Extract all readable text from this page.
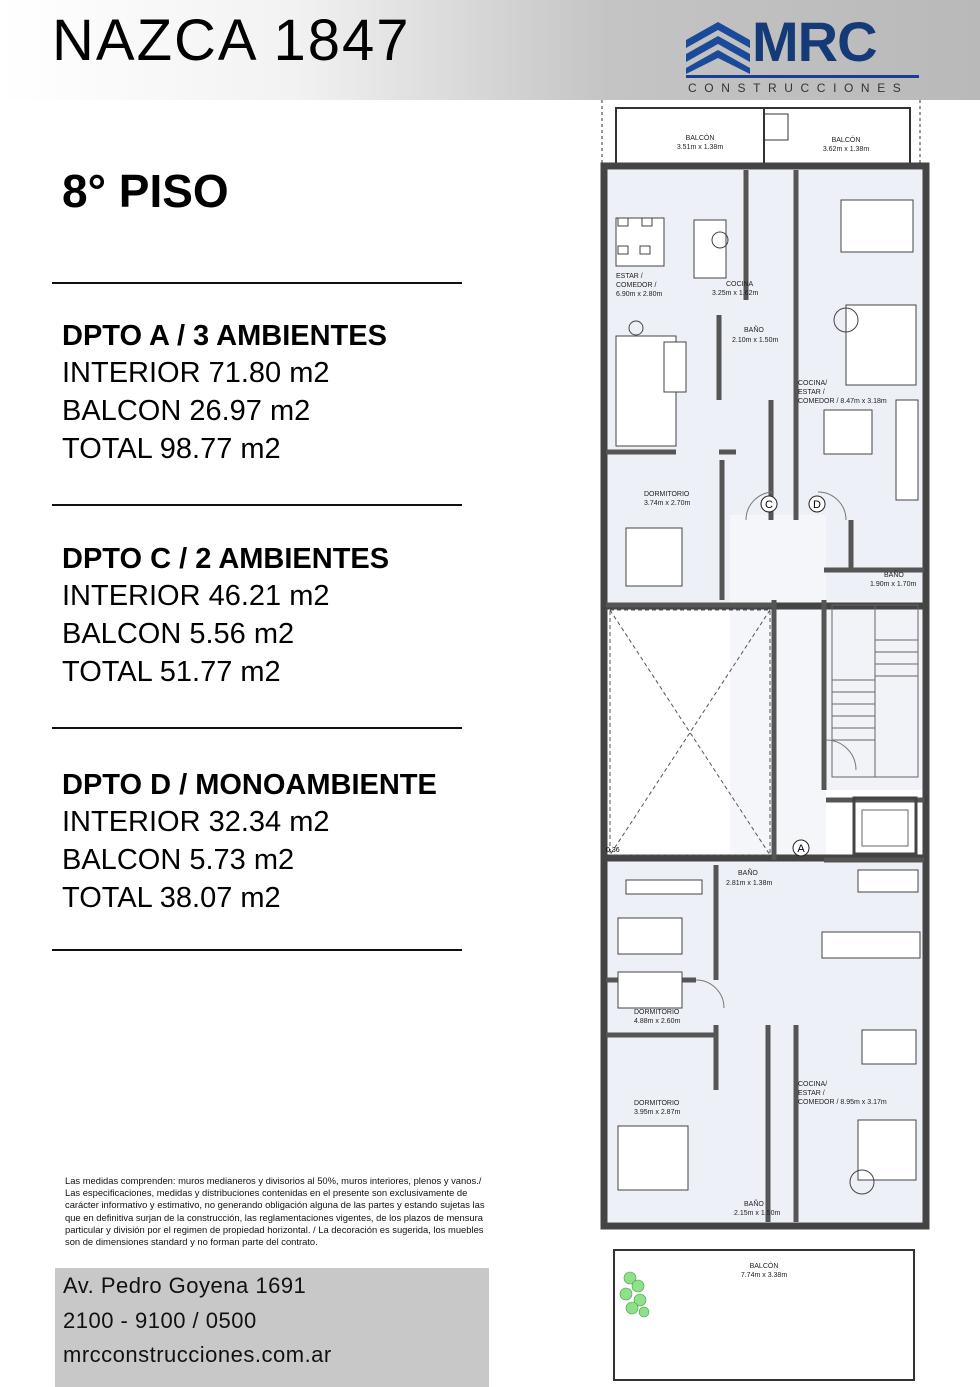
NAZCA 1847	MRC
CONSTRUCCIONES
8° PISO
DPTO A / 3 AMBIENTES
INTERIOR 71.80 m2
BALCON 26.97 m2
TOTAL 98.77 m2
DPTO C / 2 AMBIENTES
INTERIOR 46.21 m2
BALCON 5.56 m2
TOTAL 51.77 m2
DPTO D / MONOAMBIENTE
INTERIOR 32.34 m2
BALCON 5.73 m2
TOTAL 38.07 m2
Las medidas comprenden: muros medianeros y divisorios al 50%, muros interiores, plenos y vanos./ Las especificaciones, medidas y distribuciones contenidas en el presente son exclusivamente de carácter informativo y estimativo, no generando obligación alguna de las partes y estando sujetas las que en definitiva surjan de la construcción, las reglamentaciones vigentes, de los plazos de mensura particular y división por el regimen de propiedad horizontal. / La decoración es sugerida, los muebles son de dimensiones standard y no forman parte del contrato.
Av. Pedro Goyena 1691
2100 - 9100 / 0500
mrcconstrucciones.com.ar
C	D
A
0.36
BALCÓN
3.51m x 1.38m
BALCÓN
3.62m x 1.38m
ESTAR /
COMEDOR /
6.90m x 2.80m
COCINA
3.25m x 1.62m
BAÑO
2.10m x 1.50m
COCINA/
ESTAR /
COMEDOR / 8.47m x 3.18m
DORMITORIO
3.74m x 2.70m
BAÑO
1.90m x 1.70m
BAÑO
2.81m x 1.38m
DORMITORIO
4.88m x 2.60m
DORMITORIO
3.95m x 2.87m
COCINA/
ESTAR /
COMEDOR / 8.95m x 3.17m
BAÑO
2.15m x 1.50m
BALCÓN
7.74m x 3.38m
